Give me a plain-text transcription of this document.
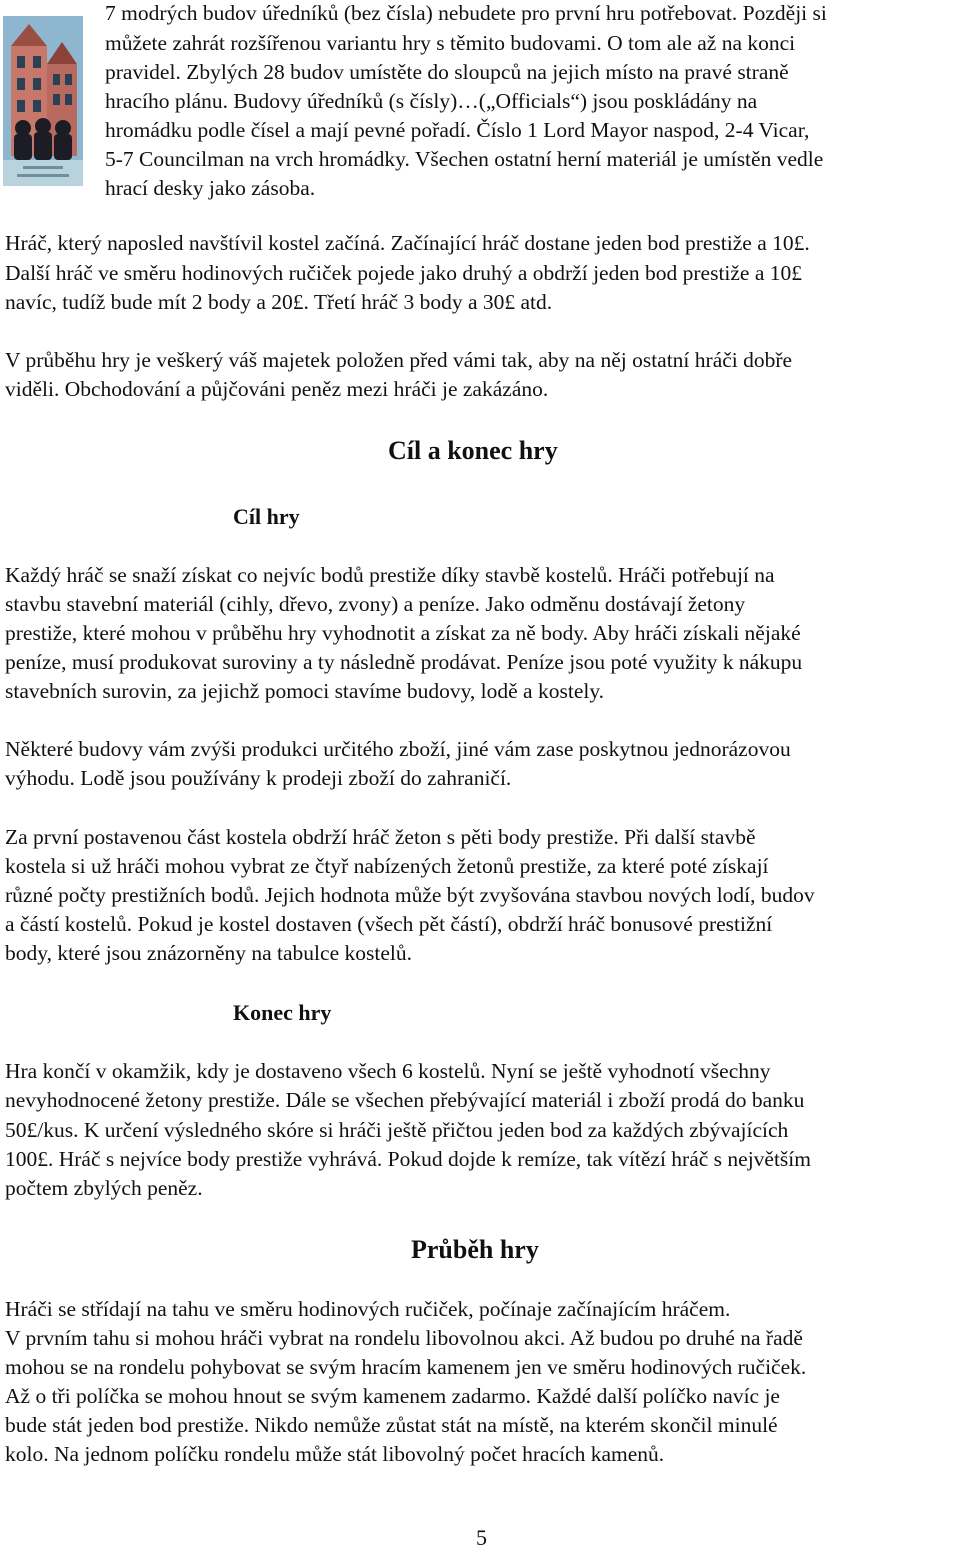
7 modrých budov úředníků (bez čísla) nebudete pro první hru potřebovat. Později si
můžete zahrát rozšířenou variantu hry s těmito budovami. O tom ale až na konci
pravidel. Zbylých 28 budov umístěte do sloupců na jejich místo na pravé straně
hracího plánu. Budovy úředníků (s čísly)…(„Officials“) jsou poskládány na
hromádku podle čísel a mají pevné pořadí. Číslo 1 Lord Mayor naspod, 2-4 Vicar,
5-7 Councilman na vrch hromádky. Všechen ostatní herní materiál je umístěn vedle
hrací desky jako zásoba.
Hráč, který naposled navštívil kostel začíná. Začínající hráč dostane jeden bod prestiže a 10£.
Další hráč ve směru hodinových ručiček pojede jako druhý a obdrží jeden bod prestiže a 10£
navíc, tudíž bude mít 2 body a 20£. Třetí hráč 3 body a 30£ atd.
V průběhu hry je veškerý váš majetek položen před vámi tak, aby na něj ostatní hráči dobře
viděli. Obchodování a půjčováni peněz mezi hráči je zakázáno.
Cíl a konec hry
Cíl hry
Každý hráč se snaží získat co nejvíc bodů prestiže díky stavbě kostelů. Hráči potřebují na
stavbu stavební materiál (cihly, dřevo, zvony) a peníze. Jako odměnu dostávají žetony
prestiže, které mohou v průběhu hry vyhodnotit a získat za ně body. Aby hráči získali nějaké
peníze, musí produkovat suroviny a ty následně prodávat. Peníze jsou poté využity k nákupu
stavebních surovin, za jejichž pomoci stavíme budovy, lodě a kostely.
Některé budovy vám zvýši produkci určitého zboží, jiné vám zase poskytnou jednorázovou
výhodu. Lodě jsou používány k prodeji zboží do zahraničí.
Za první postavenou část kostela obdrží hráč žeton s pěti body prestiže. Při další stavbě
kostela si už hráči mohou vybrat ze čtyř nabízených žetonů prestiže, za které poté získají
různé počty prestižních bodů. Jejich hodnota může být zvyšována stavbou nových lodí, budov
a částí kostelů. Pokud je kostel dostaven (všech pět částí), obdrží hráč bonusové prestižní
body, které jsou znázorněny na tabulce kostelů.
Konec hry
Hra končí v okamžik, kdy je dostaveno všech 6 kostelů. Nyní se ještě vyhodnotí všechny
nevyhodnocené žetony prestiže. Dále se všechen přebývající materiál i zboží prodá do banku
50£/kus. K určení výsledného skóre si hráči ještě přičtou jeden bod za každých zbývajících
100£. Hráč s nejvíce body prestiže vyhrává. Pokud dojde k remíze, tak vítězí hráč s největším
počtem zbylých peněz.
Průběh hry
Hráči se střídají na tahu ve směru hodinových ručiček, počínaje začínajícím hráčem.
V prvním tahu si mohou hráči vybrat na rondelu libovolnou akci. Až budou po druhé na řadě
mohou se na rondelu pohybovat se svým hracím kamenem jen ve směru hodinových ručiček.
Až o tři políčka se mohou hnout se svým kamenem zadarmo. Každé další políčko navíc je
bude stát jeden bod prestiže. Nikdo nemůže zůstat stát na místě, na kterém skončil minulé
kolo. Na jednom políčku rondelu může stát libovolný počet hracích kamenů.
5
